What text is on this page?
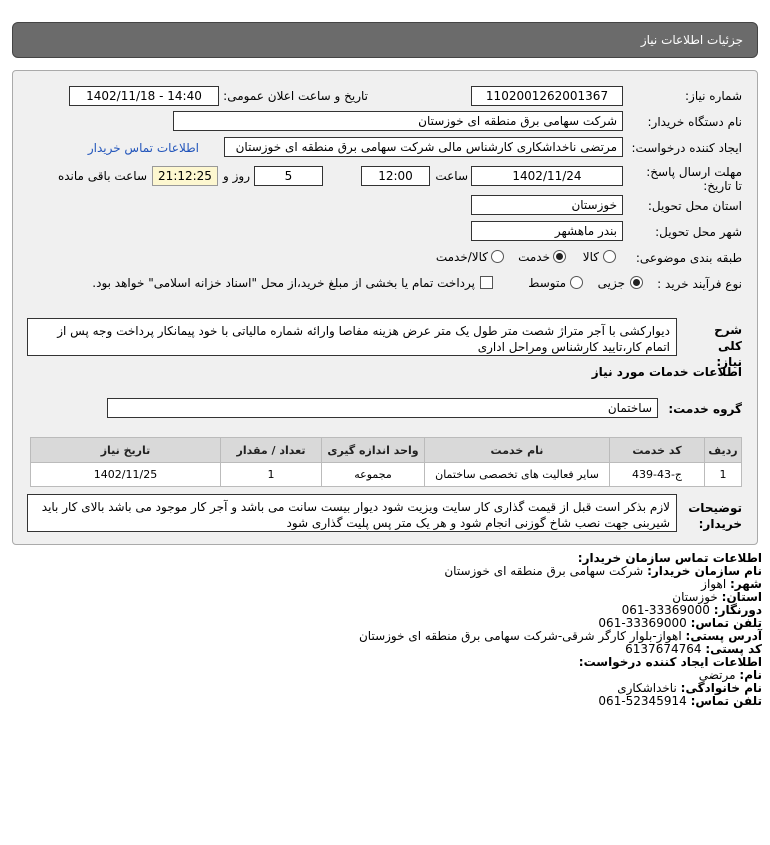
جزئیات اطلاعات نیاز
شماره نیاز:
1102001262001367
تاریخ و ساعت اعلان عمومی:
1402/11/18 - 14:40
نام دستگاه خریدار:
شرکت سهامی برق منطقه ای خوزستان
ایجاد کننده درخواست:
مرتضی ناخداشکاری کارشناس مالی شرکت سهامی برق منطقه ای خوزستان
اطلاعات تماس خریدار
مهلت ارسال پاسخ: تا تاریخ:
1402/11/24
ساعت
12:00
5
روز و
21:12:25
ساعت باقی مانده
استان محل تحویل:
خوزستان
شهر محل تحویل:
بندر ماهشهر
طبقه بندی موضوعی:
کالا
خدمت
کالا/خدمت
نوع فرآیند خرید :
جزیی
متوسط
پرداخت تمام یا بخشی از مبلغ خرید،از محل "اسناد خزانه اسلامی" خواهد بود.
شرح کلی نیاز:
دیوارکشی با آجر متراژ شصت متر طول یک متر عرض هزینه مفاصا وارائه شماره مالیاتی با خود پیمانکار پرداخت وجه پس از اتمام کار،تایید کارشناس ومراحل اداری
اطلاعات خدمات مورد نیاز
گروه خدمت:
ساختمان
ردیف	کد خدمت	نام خدمت	واحد اندازه گیری	تعداد / مقدار	تاریخ نیاز
1	ج-43-439	سایر فعالیت های تخصصی ساختمان	مجموعه	1	1402/11/25
توضیحات خریدار:
لازم بذکر است قبل از قیمت گذاری کار سایت ویزیت شود دیوار بیست سانت می باشد و آجر کار موجود می باشد بالای کار باید شیربنی جهت نصب شاخ گوزنی انجام شود و هر یک متر پس پلیت گذاری شود
اطلاعات تماس سازمان خریدار:
نام سازمان خریدار: شرکت سهامی برق منطقه ای خوزستان
شهر: اهواز
استان: خوزستان
دورنگار: 061-33369000
تلفن تماس: 061-33369000
آدرس پستی: اهواز-بلوار کارگر شرقی-شرکت سهامی برق منطقه ای خوزستان
کد پستی: 6137674764
اطلاعات ایجاد کننده درخواست:
نام: مرتضی
نام خانوادگی: ناخداشکاری
تلفن تماس: 061-52345914
